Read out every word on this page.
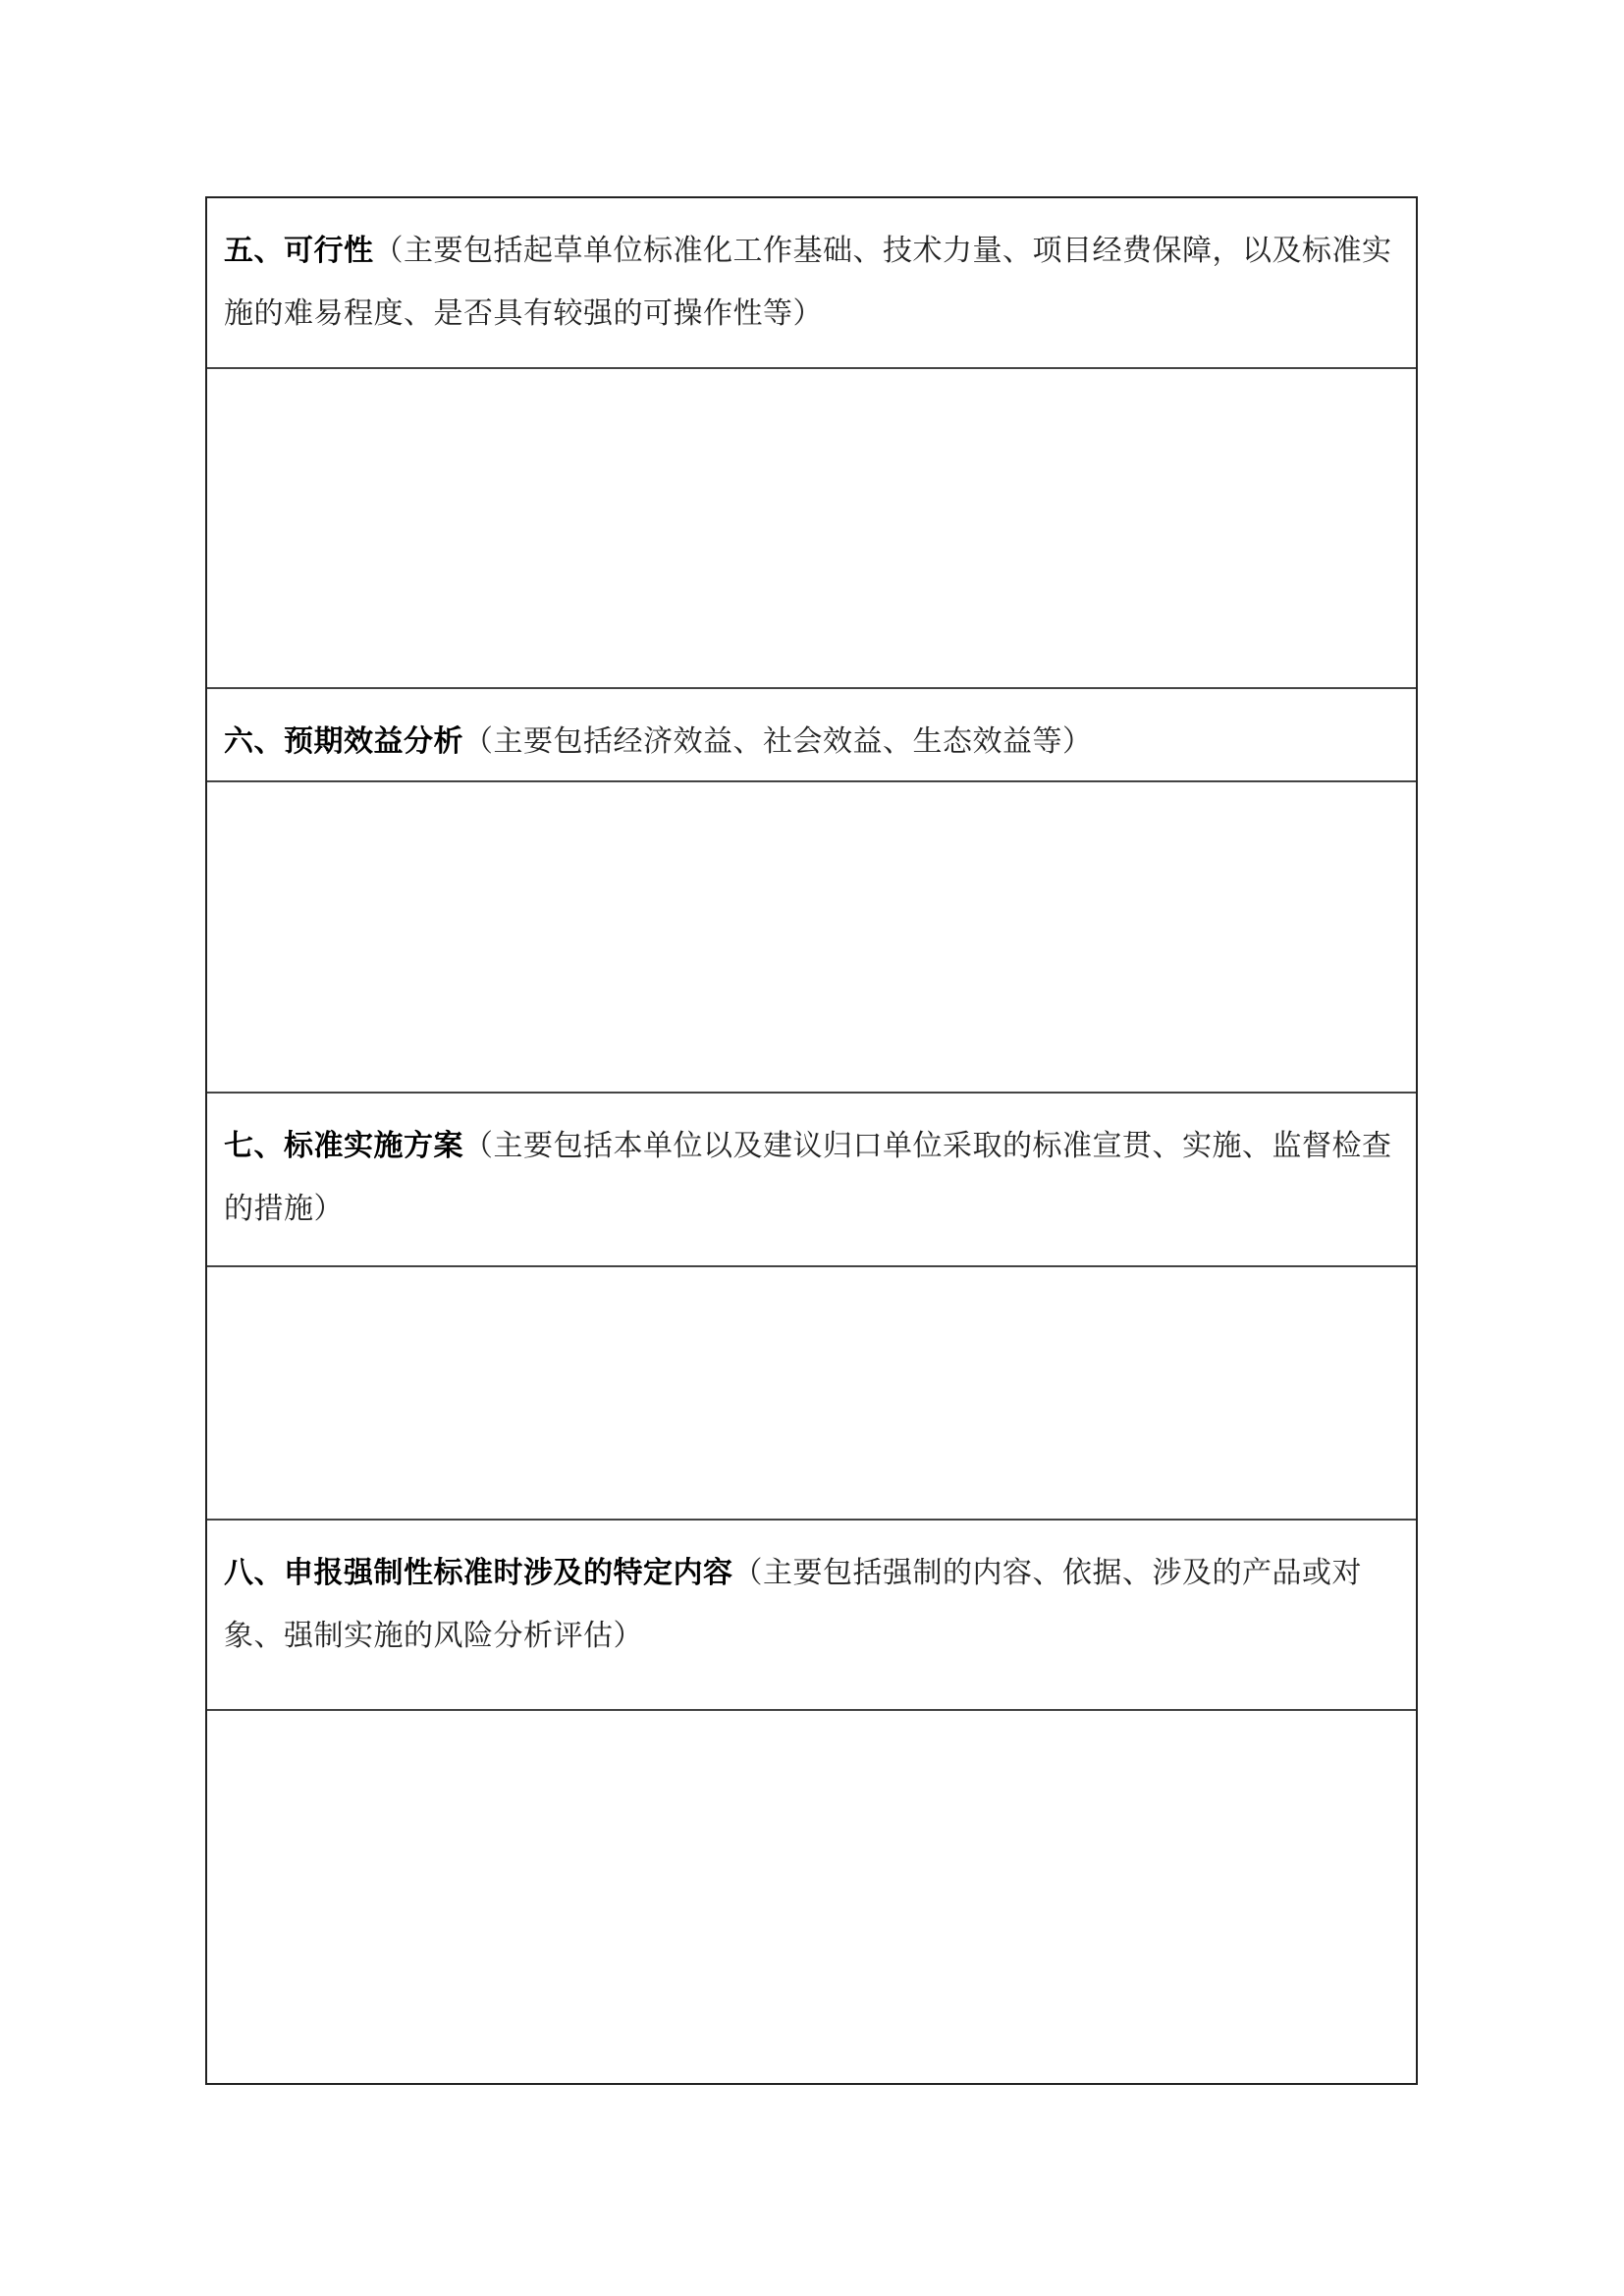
五、可行性（主要包括起草单位标准化工作基础、技术力量、项目经费保障，以及标准实施的难易程度、是否具有较强的可操作性等）

六、预期效益分析（主要包括经济效益、社会效益、生态效益等）

七、标准实施方案（主要包括本单位以及建议归口单位采取的标准宣贯、实施、监督检查的措施）

八、申报强制性标准时涉及的特定内容（主要包括强制的内容、依据、涉及的产品或对象、强制实施的风险分析评估）
